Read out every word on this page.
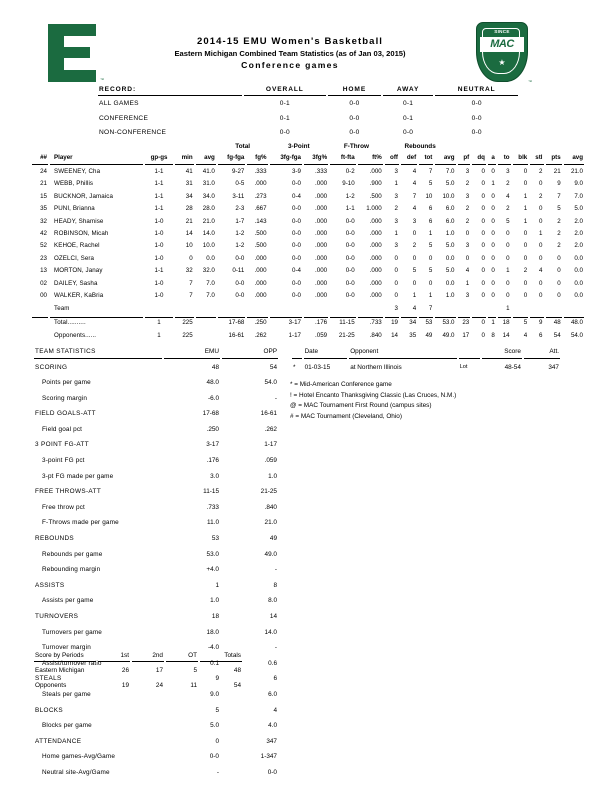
™
2014-15 EMU Women's Basketball
Eastern Michigan Combined Team Statistics (as of Jan 03, 2015)
Conference games
SINCE
MAC
★
™
RECORD:	OVERALL	HOME	AWAY	NEUTRAL
ALL GAMES	0-1	0-0	0-1	0-0
CONFERENCE	0-1	0-0	0-1	0-0
NON-CONFERENCE	0-0	0-0	0-0	0-0
					Total		3-Point		F-Throw		Rebounds											
##	Player	gp-gs	min	avg	fg-fga	fg%	3fg-fga	3fg%	ft-fta	ft%	off	def	tot	avg	pf	dq	a	to	blk	stl	pts	avg
24	SWEENEY, Cha	1-1	41	41.0	9-27	.333	3-9	.333	0-2	.000	3	4	7	7.0	3	0	0	3	0	2	21	21.0
21	WEBB, Phillis	1-1	31	31.0	0-5	.000	0-0	.000	9-10	.900	1	4	5	5.0	2	0	1	2	0	0	9	9.0
15	BUCKNOR, Jamaica	1-1	34	34.0	3-11	.273	0-4	.000	1-2	.500	3	7	10	10.0	3	0	0	4	1	2	7	7.0
35	PUNI, Brianna	1-1	28	28.0	2-3	.667	0-0	.000	1-1	1.000	2	4	6	6.0	2	0	0	2	1	0	5	5.0
32	HEADY, Shamise	1-0	21	21.0	1-7	.143	0-0	.000	0-0	.000	3	3	6	6.0	2	0	0	5	1	0	2	2.0
42	ROBINSON, Micah	1-0	14	14.0	1-2	.500	0-0	.000	0-0	.000	1	0	1	1.0	0	0	0	0	0	1	2	2.0
52	KEHOE, Rachel	1-0	10	10.0	1-2	.500	0-0	.000	0-0	.000	3	2	5	5.0	3	0	0	0	0	0	2	2.0
23	OZELCI, Sera	1-0	0	0.0	0-0	.000	0-0	.000	0-0	.000	0	0	0	0.0	0	0	0	0	0	0	0	0.0
13	MORTON, Janay	1-1	32	32.0	0-11	.000	0-4	.000	0-0	.000	0	5	5	5.0	4	0	0	1	2	4	0	0.0
02	DAILEY, Sasha	1-0	7	7.0	0-0	.000	0-0	.000	0-0	.000	0	0	0	0.0	1	0	0	0	0	0	0	0.0
00	WALKER, KaBria	1-0	7	7.0	0-0	.000	0-0	.000	0-0	.000	0	1	1	1.0	3	0	0	0	0	0	0	0.0
	Team										3	4	7					1				
	Total..........	1	225		17-68	.250	3-17	.176	11-15	.733	19	34	53	53.0	23	0	1	18	5	9	48	48.0
	Opponents......	1	225		16-61	.262	1-17	.059	21-25	.840	14	35	49	49.0	17	0	8	14	4	6	54	54.0
TEAM STATISTICS	EMU	OPP
SCORING	48	54
Points per game	48.0	54.0
Scoring margin	-6.0	-
FIELD GOALS-ATT	17-68	16-61
Field goal pct	.250	.262
3 POINT FG-ATT	3-17	1-17
3-point FG pct	.176	.059
3-pt FG made per game	3.0	1.0
FREE THROWS-ATT	11-15	21-25
Free throw pct	.733	.840
F-Throws made per game	11.0	21.0
REBOUNDS	53	49
Rebounds per game	53.0	49.0
Rebounding margin	+4.0	-
ASSISTS	1	8
Assists per game	1.0	8.0
TURNOVERS	18	14
Turnovers per game	18.0	14.0
Turnover margin	-4.0	-
Assist/turnover ratio	0.1	0.6
STEALS	9	6
Steals per game	9.0	6.0
BLOCKS	5	4
Blocks per game	5.0	4.0
ATTENDANCE	0	347
Home games-Avg/Game	0-0	1-347
Neutral site-Avg/Game	-	0-0
Score by Periods	1st	2nd	OT	Totals
Eastern Michigan	26	17	5	48
Opponents	19	24	11	54
	Date	Opponent		Score	Att.
*	01-03-15	at Northern Illinois	Lot	48-54	347
* = Mid-American Conference game
! = Hotel Encanto Thanksgiving Classic (Las Cruces, N.M.)
@ = MAC Tournament First Round (campus sites)
# = MAC Tournament (Cleveland, Ohio)
